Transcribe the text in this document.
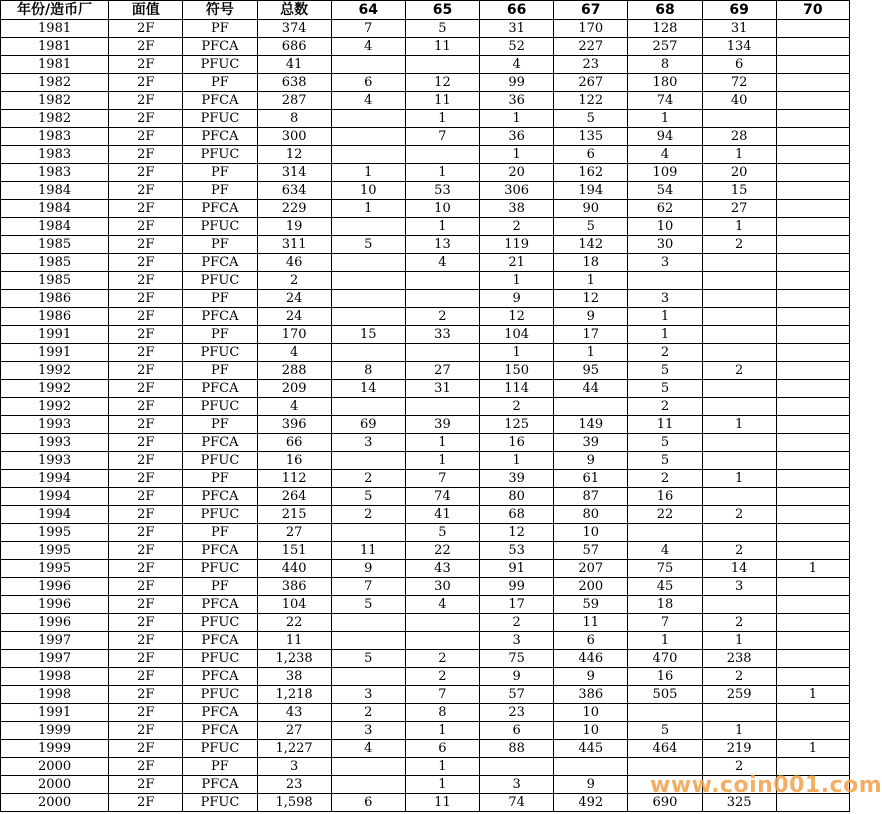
年份/造币厂	面值	符号	总数	64	65	66	67	68	69	70
1981	2F	PF	374	7	5	31	170	128	31	
1981	2F	PFCA	686	4	11	52	227	257	134	
1981	2F	PFUC	41			4	23	8	6	
1982	2F	PF	638	6	12	99	267	180	72	
1982	2F	PFCA	287	4	11	36	122	74	40	
1982	2F	PFUC	8		1	1	5	1		
1983	2F	PFCA	300		7	36	135	94	28	
1983	2F	PFUC	12			1	6	4	1	
1983	2F	PF	314	1	1	20	162	109	20	
1984	2F	PF	634	10	53	306	194	54	15	
1984	2F	PFCA	229	1	10	38	90	62	27	
1984	2F	PFUC	19		1	2	5	10	1	
1985	2F	PF	311	5	13	119	142	30	2	
1985	2F	PFCA	46		4	21	18	3		
1985	2F	PFUC	2			1	1			
1986	2F	PF	24			9	12	3		
1986	2F	PFCA	24		2	12	9	1		
1991	2F	PF	170	15	33	104	17	1		
1991	2F	PFUC	4			1	1	2		
1992	2F	PF	288	8	27	150	95	5	2	
1992	2F	PFCA	209	14	31	114	44	5		
1992	2F	PFUC	4			2		2		
1993	2F	PF	396	69	39	125	149	11	1	
1993	2F	PFCA	66	3	1	16	39	5		
1993	2F	PFUC	16		1	1	9	5		
1994	2F	PF	112	2	7	39	61	2	1	
1994	2F	PFCA	264	5	74	80	87	16		
1994	2F	PFUC	215	2	41	68	80	22	2	
1995	2F	PF	27		5	12	10			
1995	2F	PFCA	151	11	22	53	57	4	2	
1995	2F	PFUC	440	9	43	91	207	75	14	1
1996	2F	PF	386	7	30	99	200	45	3	
1996	2F	PFCA	104	5	4	17	59	18		
1996	2F	PFUC	22			2	11	7	2	
1997	2F	PFCA	11			3	6	1	1	
1997	2F	PFUC	1,238	5	2	75	446	470	238	
1998	2F	PFCA	38		2	9	9	16	2	
1998	2F	PFUC	1,218	3	7	57	386	505	259	1
1991	2F	PFCA	43	2	8	23	10			
1999	2F	PFCA	27	3	1	6	10	5	1	
1999	2F	PFUC	1,227	4	6	88	445	464	219	1
2000	2F	PF	3		1				2	
2000	2F	PFCA	23		1	3	9			
2000	2F	PFUC	1,598	6	11	74	492	690	325	
www.coin001.com
